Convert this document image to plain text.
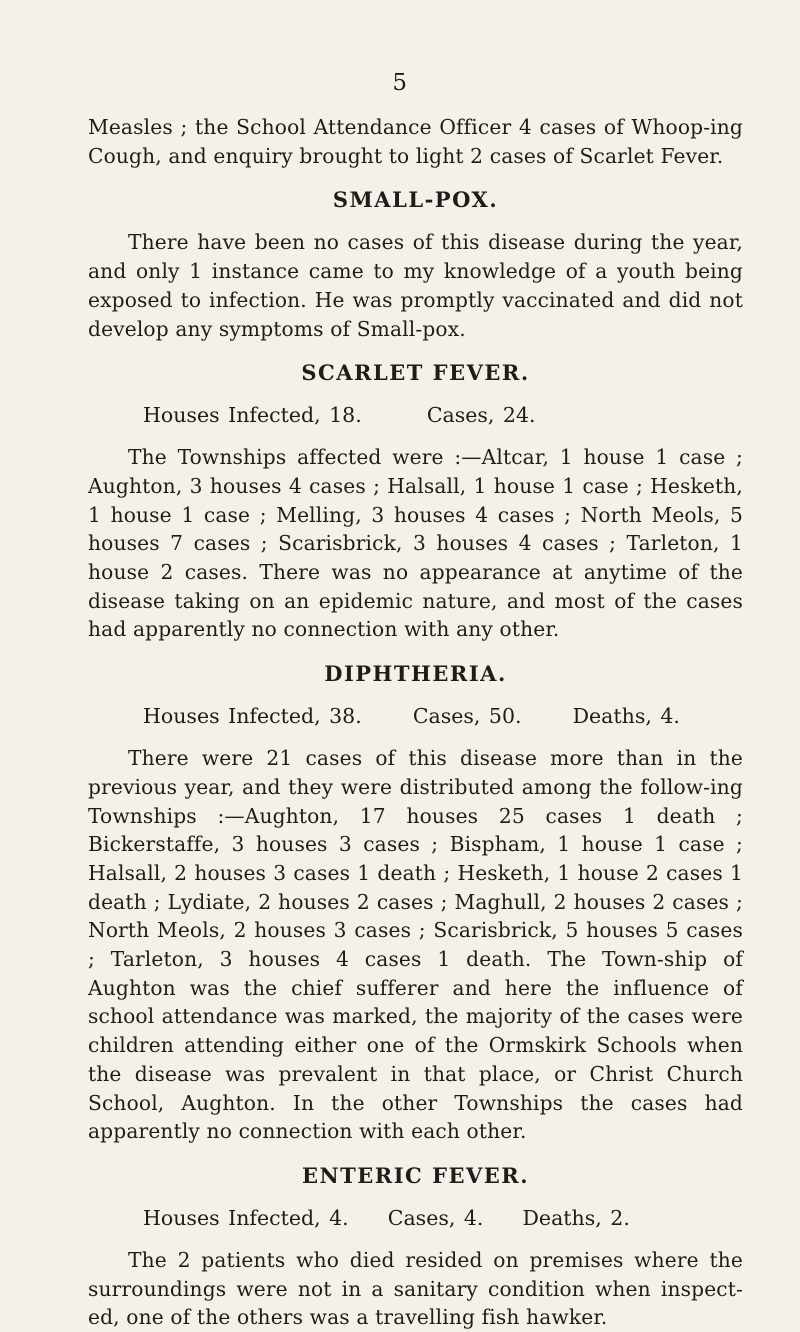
5

Measles ; the School Attendance Officer 4 cases of Whoop-ing Cough, and enquiry brought to light 2 cases of Scarlet Fever.

SMALL-POX.

There have been no cases of this disease during the year, and only 1 instance came to my knowledge of a youth being exposed to infection. He was promptly vaccinated and did not develop any symptoms of Small-pox.

SCARLET FEVER.

Houses Infected, 18.	Cases, 24.

The Townships affected were :—Altcar, 1 house 1 case ; Aughton, 3 houses 4 cases ; Halsall, 1 house 1 case ; Hesketh, 1 house 1 case ; Melling, 3 houses 4 cases ; North Meols, 5 houses 7 cases ; Scarisbrick, 3 houses 4 cases ; Tarleton, 1 house 2 cases. There was no appearance at anytime of the disease taking on an epidemic nature, and most of the cases had apparently no connection with any other.

DIPHTHERIA.

Houses Infected, 38. Cases, 50. Deaths, 4.

There were 21 cases of this disease more than in the previous year, and they were distributed among the follow-ing Townships :—Aughton, 17 houses 25 cases 1 death ; Bickerstaffe, 3 houses 3 cases ; Bispham, 1 house 1 case ; Halsall, 2 houses 3 cases 1 death ; Hesketh, 1 house 2 cases 1 death ; Lydiate, 2 houses 2 cases ; Maghull, 2 houses 2 cases ; North Meols, 2 houses 3 cases ; Scarisbrick, 5 houses 5 cases ; Tarleton, 3 houses 4 cases 1 death. The Town-ship of Aughton was the chief sufferer and here the influence of school attendance was marked, the majority of the cases were children attending either one of the Ormskirk Schools when the disease was prevalent in that place, or Christ Church School, Aughton. In the other Townships the cases had apparently no connection with each other.

ENTERIC FEVER.

Houses Infected, 4. Cases, 4. Deaths, 2.

The 2 patients who died resided on premises where the surroundings were not in a sanitary condition when inspect-ed, one of the others was a travelling fish hawker.
